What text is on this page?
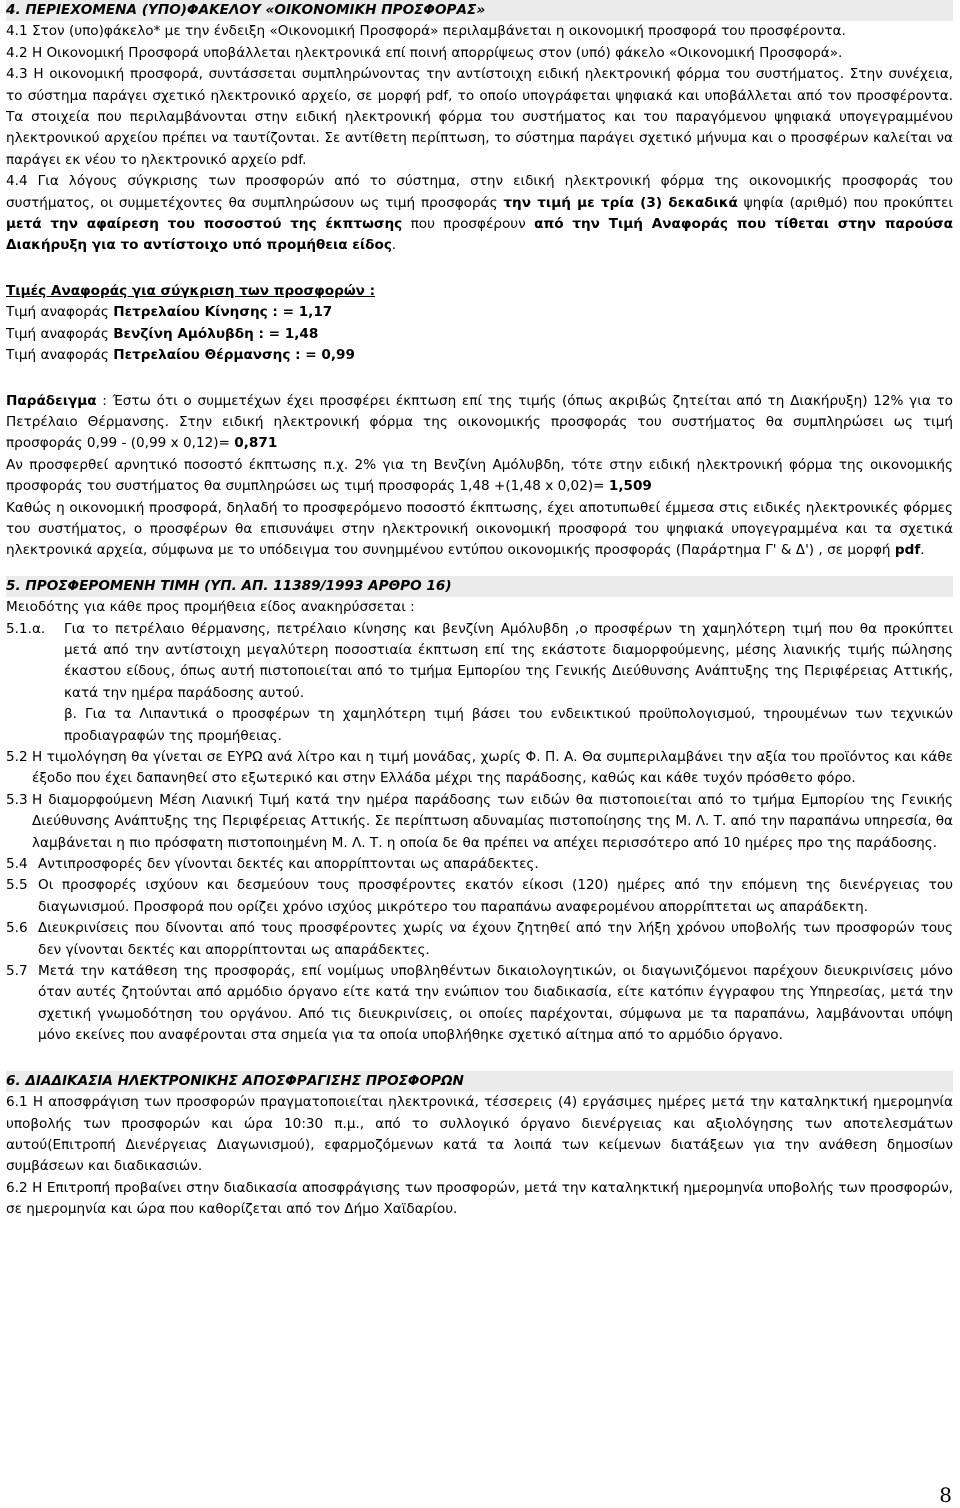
4. ΠΕΡΙΕΧΟΜΕΝΑ (ΥΠΟ)ΦΑΚΕΛΟΥ «ΟΙΚΟΝΟΜΙΚΗ ΠΡΟΣΦΟΡΑΣ»

4.1 Στον (υπο)φάκελο* με την ένδειξη «Οικονομική Προσφορά» περιλαμβάνεται η οικονομική προσφορά του προσφέροντα.

4.2 Η Οικονομική Προσφορά υποβάλλεται ηλεκτρονικά επί ποινή απορρίψεως στον (υπό) φάκελο «Οικονομική Προσφορά».

4.3 Η οικονομική προσφορά, συντάσσεται συμπληρώνοντας την αντίστοιχη ειδική ηλεκτρονική φόρμα του συστήματος. Στην συνέχεια, το σύστημα παράγει σχετικό ηλεκτρονικό αρχείο, σε μορφή pdf, το οποίο υπογράφεται ψηφιακά και υποβάλλεται από τον προσφέροντα. Τα στοιχεία που περιλαμβάνονται στην ειδική ηλεκτρονική φόρμα του συστήματος και του παραγόμενου ψηφιακά υπογεγραμμένου ηλεκτρονικού αρχείου πρέπει να ταυτίζονται. Σε αντίθετη περίπτωση, το σύστημα παράγει σχετικό μήνυμα και ο προσφέρων καλείται να παράγει εκ νέου το ηλεκτρονικό αρχείο pdf.

4.4 Για λόγους σύγκρισης των προσφορών από το σύστημα, στην ειδική ηλεκτρονική φόρμα της οικονομικής προσφοράς του συστήματος, οι συμμετέχοντες θα συμπληρώσουν ως τιμή προσφοράς την τιμή με τρία (3) δεκαδικά ψηφία (αριθμό) που προκύπτει μετά την αφαίρεση του ποσοστού της έκπτωσης που προσφέρουν από την Τιμή Αναφοράς που τίθεται στην παρούσα Διακήρυξη για το αντίστοιχο υπό προμήθεια είδος.

Τιμές Αναφοράς για σύγκριση των προσφορών :

Τιμή αναφοράς Πετρελαίου Κίνησης : = 1,17

Τιμή αναφοράς Βενζίνη Αμόλυβδη : = 1,48

Τιμή αναφοράς Πετρελαίου Θέρμανσης : = 0,99

Παράδειγμα : Έστω ότι ο συμμετέχων έχει προσφέρει έκπτωση επί της τιμής (όπως ακριβώς ζητείται από τη Διακήρυξη) 12% για το Πετρέλαιο Θέρμανσης. Στην ειδική ηλεκτρονική φόρμα της οικονομικής προσφοράς του συστήματος θα συμπληρώσει ως τιμή προσφοράς 0,99 - (0,99 x 0,12)= 0,871

Αν προσφερθεί αρνητικό ποσοστό έκπτωσης π.χ. 2% για τη Βενζίνη Αμόλυβδη, τότε στην ειδική ηλεκτρονική φόρμα της οικονομικής προσφοράς του συστήματος θα συμπληρώσει ως τιμή προσφοράς 1,48 +(1,48 x 0,02)= 1,509

Καθώς η οικονομική προσφορά, δηλαδή το προσφερόμενο ποσοστό έκπτωσης, έχει αποτυπωθεί έμμεσα στις ειδικές ηλεκτρονικές φόρμες του συστήματος, ο προσφέρων θα επισυνάψει στην ηλεκτρονική οικονομική προσφορά του ψηφιακά υπογεγραμμένα και τα σχετικά ηλεκτρονικά αρχεία, σύμφωνα με το υπόδειγμα του συνημμένου εντύπου οικονομικής προσφοράς (Παράρτημα Γ' & Δ') , σε μορφή pdf.

5. ΠΡΟΣΦΕΡΟΜΕΝΗ ΤΙΜΗ (ΥΠ. ΑΠ. 11389/1993 ΑΡΘΡΟ 16)

Μειοδότης για κάθε προς προμήθεια είδος ανακηρύσσεται :

5.1.α.	Για το πετρέλαιο θέρμανσης, πετρέλαιο κίνησης και βενζίνη Αμόλυβδη ,ο προσφέρων τη χαμηλότερη τιμή που θα προκύπτει μετά από την αντίστοιχη μεγαλύτερη ποσοστιαία έκπτωση επί της εκάστοτε διαμορφούμενης, μέσης λιανικής τιμής πώλησης έκαστου είδους, όπως αυτή πιστοποιείται από το τμήμα Εμπορίου της Γενικής Διεύθυνσης Ανάπτυξης της Περιφέρειας Αττικής, κατά την ημέρα παράδοσης αυτού.

β. Για τα Λιπαντικά ο προσφέρων τη χαμηλότερη τιμή βάσει του ενδεικτικού προϋπολογισμού, τηρουμένων των τεχνικών προδιαγραφών της προμήθειας.

5.2 Η τιμολόγηση θα γίνεται σε ΕΥΡΩ ανά λίτρο και η τιμή μονάδας, χωρίς Φ. Π. Α. Θα συμπεριλαμβάνει την αξία του προϊόντος και κάθε έξοδο που έχει δαπανηθεί στο εξωτερικό και στην Ελλάδα μέχρι της παράδοσης, καθώς και κάθε τυχόν πρόσθετο φόρο.
5.3 Η διαμορφούμενη Μέση Λιανική Τιμή κατά την ημέρα παράδοσης των ειδών θα πιστοποιείται από το τμήμα Εμπορίου της Γενικής Διεύθυνσης Ανάπτυξης της Περιφέρειας Αττικής. Σε περίπτωση αδυναμίας πιστοποίησης της Μ. Λ. Τ. από την παραπάνω υπηρεσία, θα λαμβάνεται η πιο πρόσφατη πιστοποιημένη Μ. Λ. Τ. η οποία δε θα πρέπει να απέχει περισσότερο από 10 ημέρες προ της παράδοσης.
5.4 Αντιπροσφορές δεν γίνονται δεκτές και απορρίπτονται ως απαράδεκτες.
5.5 Οι προσφορές ισχύουν και δεσμεύουν τους προσφέροντες εκατόν είκοσι (120) ημέρες από την επόμενη της διενέργειας του διαγωνισμού. Προσφορά που ορίζει χρόνο ισχύος μικρότερο του παραπάνω αναφερομένου απορρίπτεται ως απαράδεκτη.
5.6 Διευκρινίσεις που δίνονται από τους προσφέροντες χωρίς να έχουν ζητηθεί από την λήξη χρόνου υποβολής των προσφορών τους δεν γίνονται δεκτές και απορρίπτονται ως απαράδεκτες.
5.7 Μετά την κατάθεση της προσφοράς, επί νομίμως υποβληθέντων δικαιολογητικών, οι διαγωνιζόμενοι παρέχουν διευκρινίσεις μόνο όταν αυτές ζητούνται από αρμόδιο όργανο είτε κατά την ενώπιον του διαδικασία, είτε κατόπιν έγγραφου της Υπηρεσίας, μετά την σχετική γνωμοδότηση του οργάνου. Από τις διευκρινίσεις, οι οποίες παρέχονται, σύμφωνα με τα παραπάνω, λαμβάνονται υπόψη μόνο εκείνες που αναφέρονται στα σημεία για τα οποία υποβλήθηκε σχετικό αίτημα από το αρμόδιο όργανο.
6. ΔΙΑΔΙΚΑΣΙΑ ΗΛΕΚΤΡΟΝΙΚΗΣ ΑΠΟΣΦΡΑΓΙΣΗΣ ΠΡΟΣΦΟΡΩΝ

6.1 Η αποσφράγιση των προσφορών πραγματοποιείται ηλεκτρονικά, τέσσερεις (4) εργάσιμες ημέρες μετά την καταληκτική ημερομηνία υποβολής των προσφορών και ώρα 10:30 π.μ., από το συλλογικό όργανο διενέργειας και αξιολόγησης των αποτελεσμάτων αυτού(Επιτροπή Διενέργειας Διαγωνισμού), εφαρμοζόμενων κατά τα λοιπά των κείμενων διατάξεων για την ανάθεση δημοσίων συμβάσεων και διαδικασιών.

6.2 Η Επιτροπή προβαίνει στην διαδικασία αποσφράγισης των προσφορών, μετά την καταληκτική ημερομηνία υποβολής των προσφορών, σε ημερομηνία και ώρα που καθορίζεται από τον Δήμο Χαϊδαρίου.

8
